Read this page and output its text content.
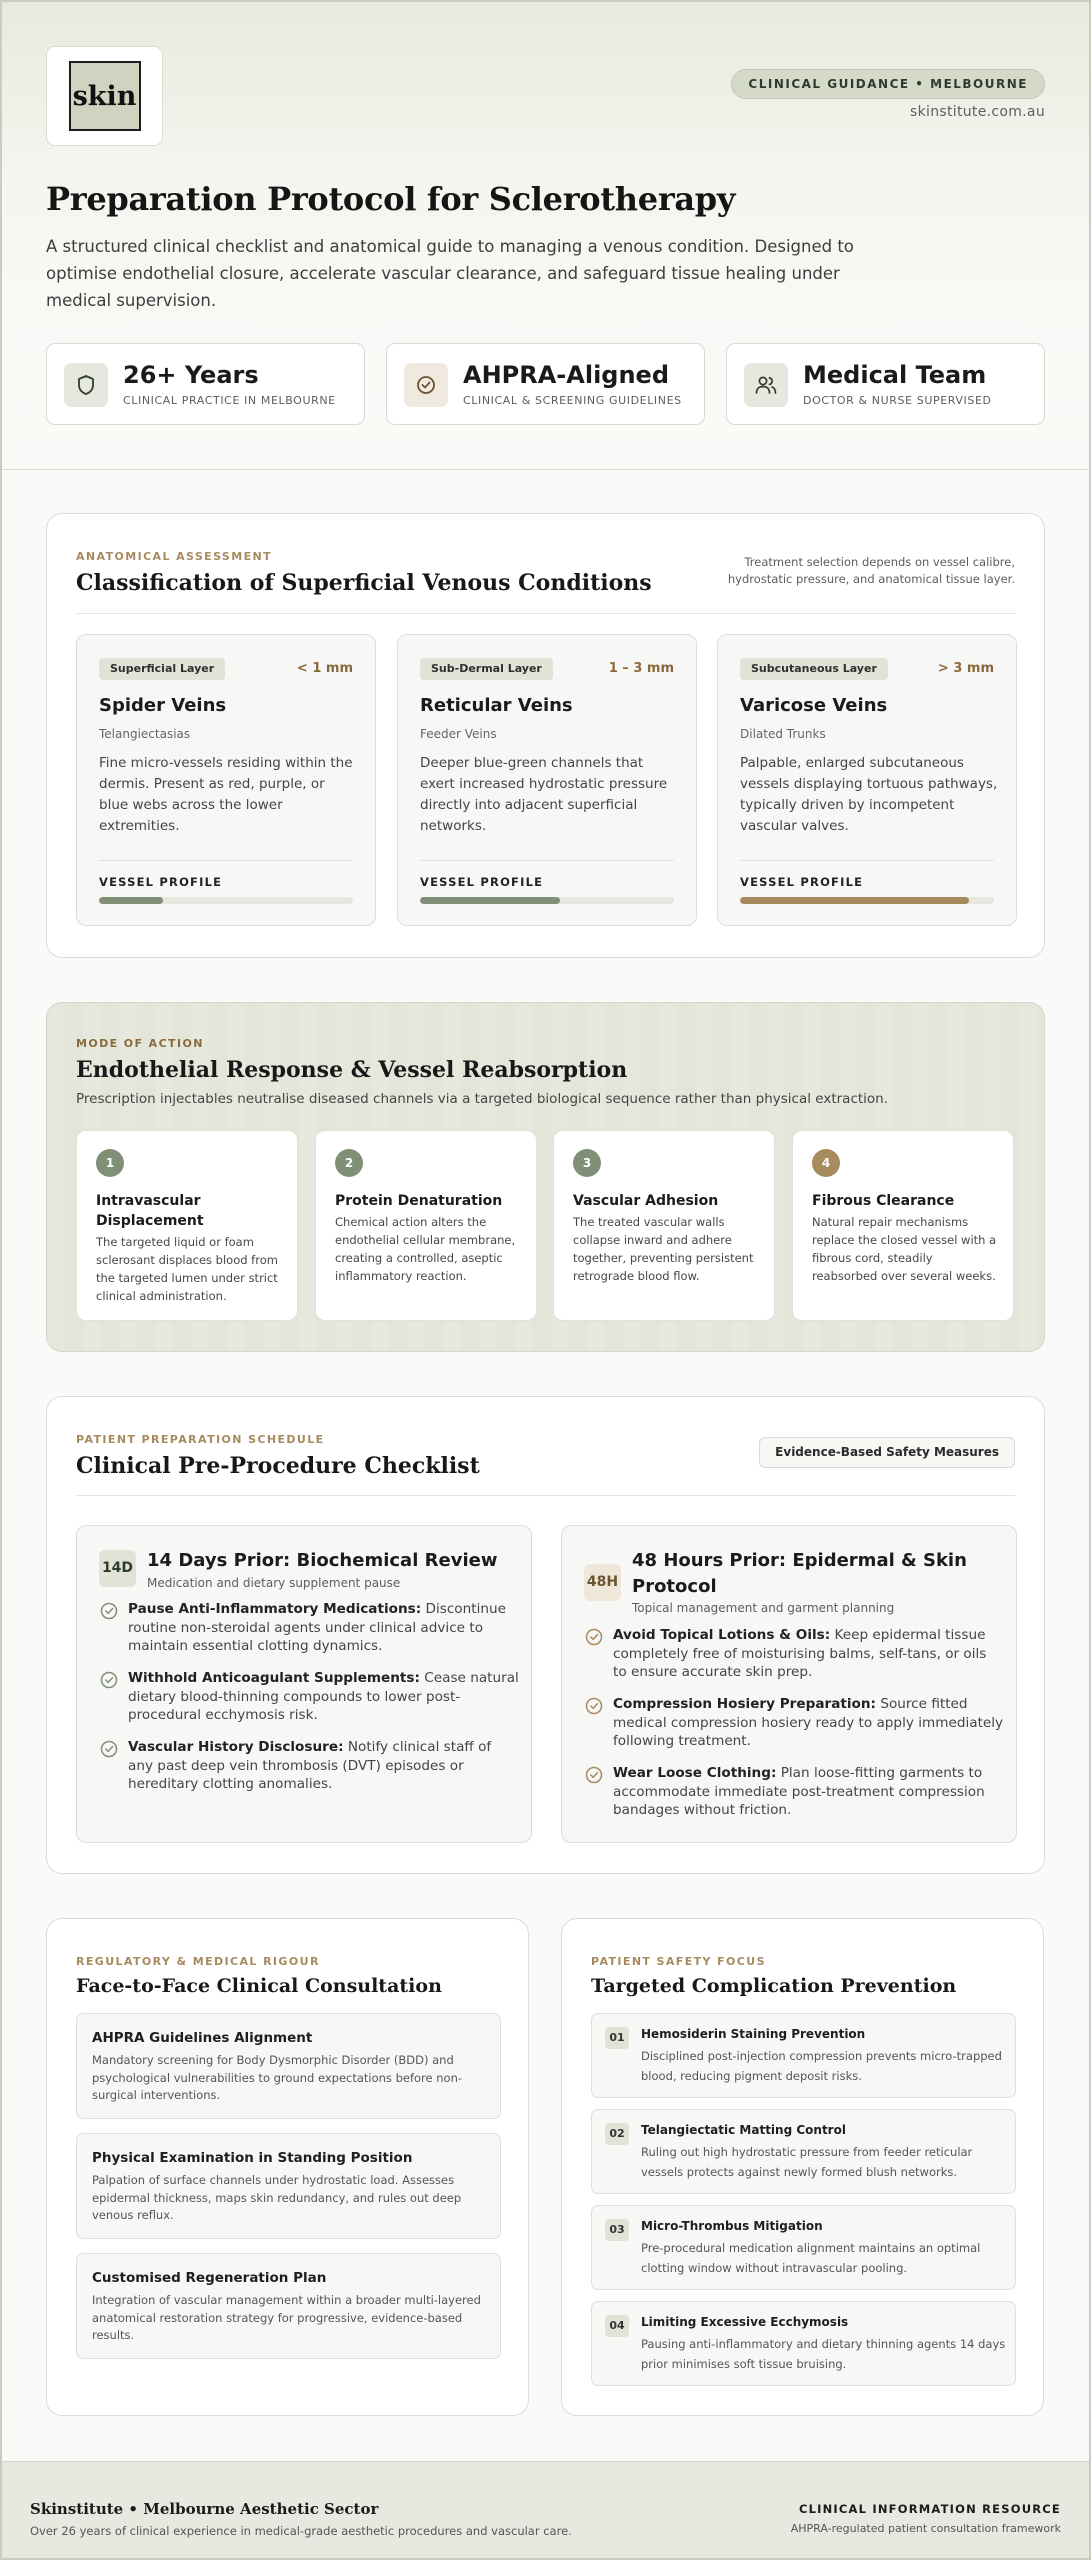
skin	CLINICAL GUIDANCE • MELBOURNE
skinstitute.com.au
Preparation Protocol for Sclerotherapy

A structured clinical checklist and anatomical guide to managing a venous condition. Designed to optimise endothelial closure, accelerate vascular clearance, and safeguard tissue healing under medical supervision.

26+ Years
CLINICAL PRACTICE IN MELBOURNE
AHPRA-Aligned
CLINICAL & SCREENING GUIDELINES
Medical Team
DOCTOR & NURSE SUPERVISED
ANATOMICAL ASSESSMENT
Classification of Superficial Venous Conditions
Treatment selection depends on vessel calibre, hydrostatic pressure, and anatomical tissue layer.
Superficial Layer	< 1 mm
Spider Veins
Telangiectasias
Fine micro-vessels residing within the dermis. Present as red, purple, or blue webs across the lower extremities.
VESSEL PROFILE
Sub-Dermal Layer	1 – 3 mm
Reticular Veins
Feeder Veins
Deeper blue-green channels that exert increased hydrostatic pressure directly into adjacent superficial networks.
VESSEL PROFILE
Subcutaneous Layer	> 3 mm
Varicose Veins
Dilated Trunks
Palpable, enlarged subcutaneous vessels displaying tortuous pathways, typically driven by incompetent vascular valves.
VESSEL PROFILE
MODE OF ACTION
Endothelial Response & Vessel Reabsorption
Prescription injectables neutralise diseased channels via a targeted biological sequence rather than physical extraction.
1
Intravascular Displacement
The targeted liquid or foam sclerosant displaces blood from the targeted lumen under strict clinical administration.
2
Protein Denaturation
Chemical action alters the endothelial cellular membrane, creating a controlled, aseptic inflammatory reaction.
3
Vascular Adhesion
The treated vascular walls collapse inward and adhere together, preventing persistent retrograde blood flow.
4
Fibrous Clearance
Natural repair mechanisms replace the closed vessel with a fibrous cord, steadily reabsorbed over several weeks.
PATIENT PREPARATION SCHEDULE
Clinical Pre-Procedure Checklist
Evidence-Based Safety Measures
14D 14 Days Prior: Biochemical Review
Medication and dietary supplement pause
Pause Anti-Inflammatory Medications: Discontinue routine non-steroidal agents under clinical advice to maintain essential clotting dynamics.
Withhold Anticoagulant Supplements: Cease natural dietary blood-thinning compounds to lower post-procedural ecchymosis risk.
Vascular History Disclosure: Notify clinical staff of any past deep vein thrombosis (DVT) episodes or hereditary clotting anomalies.
48H
48 Hours Prior: Epidermal & Skin Protocol
Topical management and garment planning
Avoid Topical Lotions & Oils: Keep epidermal tissue completely free of moisturising balms, self-tans, or oils to ensure accurate skin prep.
Compression Hosiery Preparation: Source fitted medical compression hosiery ready to apply immediately following treatment.
Wear Loose Clothing: Plan loose-fitting garments to accommodate immediate post-treatment compression bandages without friction.
REGULATORY & MEDICAL RIGOUR
Face-to-Face Clinical Consultation
AHPRA Guidelines Alignment
Mandatory screening for Body Dysmorphic Disorder (BDD) and psychological vulnerabilities to ground expectations before non-surgical interventions.
Physical Examination in Standing Position
Palpation of surface channels under hydrostatic load. Assesses epidermal thickness, maps skin redundancy, and rules out deep venous reflux.
Customised Regeneration Plan
Integration of vascular management within a broader multi-layered anatomical restoration strategy for progressive, evidence-based results.
PATIENT SAFETY FOCUS
Targeted Complication Prevention
01	Hemosiderin Staining Prevention
Disciplined post-injection compression prevents micro-trapped blood, reducing pigment deposit risks.
02	Telangiectatic Matting Control
Ruling out high hydrostatic pressure from feeder reticular vessels protects against newly formed blush networks.
03	Micro-Thrombus Mitigation
Pre-procedural medication alignment maintains an optimal clotting window without intravascular pooling.
04	Limiting Excessive Ecchymosis
Pausing anti-inflammatory and dietary thinning agents 14 days prior minimises soft tissue bruising.
Skinstitute • Melbourne Aesthetic Sector
Over 26 years of clinical experience in medical-grade aesthetic procedures and vascular care.
CLINICAL INFORMATION RESOURCE
AHPRA-regulated patient consultation framework
